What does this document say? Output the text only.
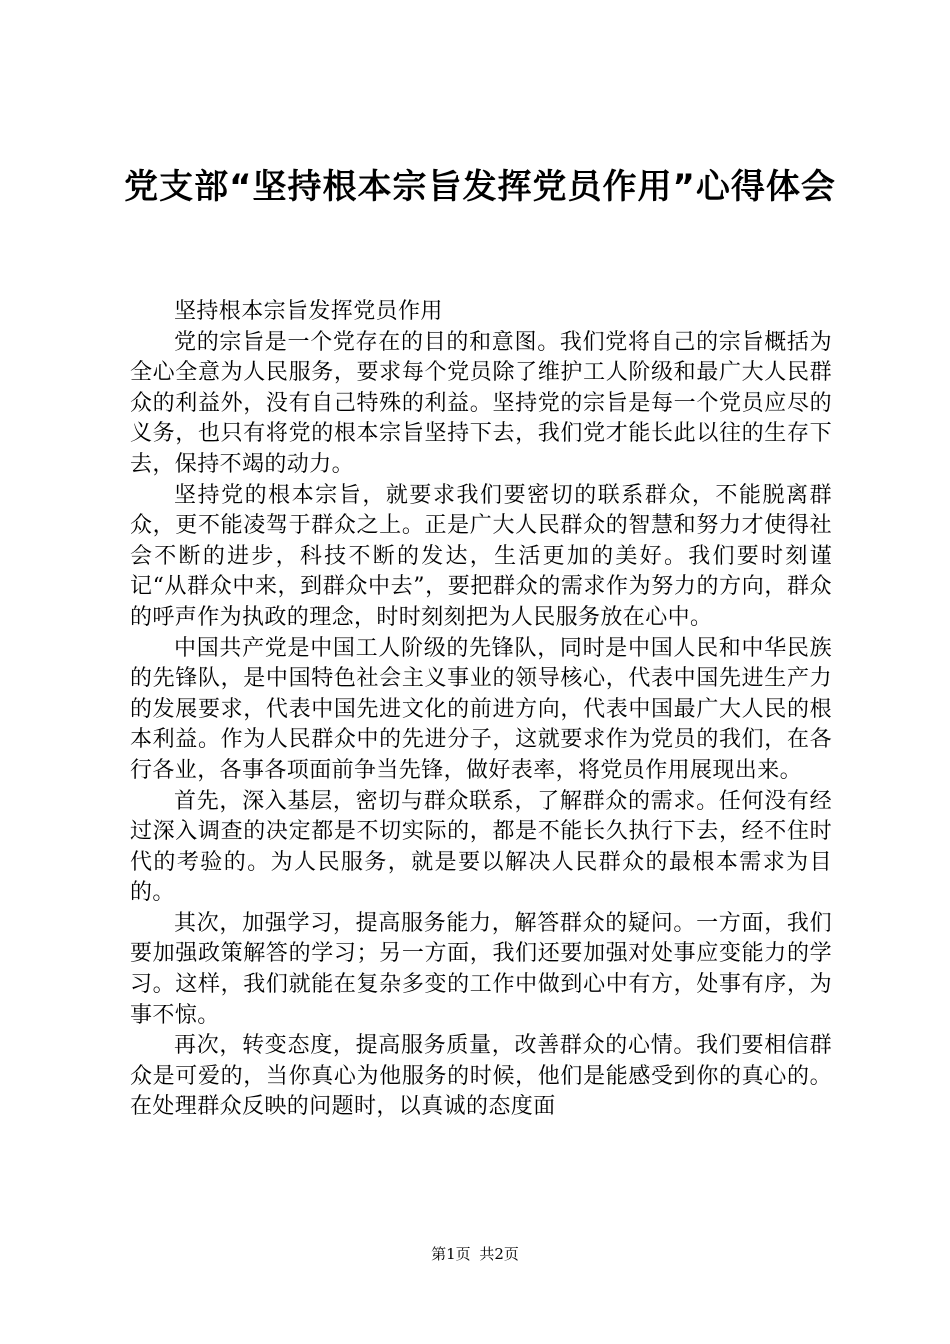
党支部“坚持根本宗旨发挥党员作用”心得体会

坚持根本宗旨发挥党员作用

党的宗旨是一个党存在的目的和意图。我们党将自己的宗旨概括为全心全意为人民服务，要求每个党员除了维护工人阶级和最广大人民群众的利益外，没有自己特殊的利益。坚持党的宗旨是每一个党员应尽的义务，也只有将党的根本宗旨坚持下去，我们党才能长此以往的生存下去，保持不竭的动力。

坚持党的根本宗旨，就要求我们要密切的联系群众，不能脱离群众，更不能凌驾于群众之上。正是广大人民群众的智慧和努力才使得社会不断的进步，科技不断的发达，生活更加的美好。我们要时刻谨记“从群众中来，到群众中去”，要把群众的需求作为努力的方向，群众的呼声作为执政的理念，时时刻刻把为人民服务放在心中。

中国共产党是中国工人阶级的先锋队，同时是中国人民和中华民族的先锋队，是中国特色社会主义事业的领导核心，代表中国先进生产力的发展要求，代表中国先进文化的前进方向，代表中国最广大人民的根本利益。作为人民群众中的先进分子，这就要求作为党员的我们，在各行各业，各事各项面前争当先锋，做好表率，将党员作用展现出来。

首先，深入基层，密切与群众联系，了解群众的需求。任何没有经过深入调查的决定都是不切实际的，都是不能长久执行下去，经不住时代的考验的。为人民服务，就是要以解决人民群众的最根本需求为目的。

其次，加强学习，提高服务能力，解答群众的疑问。一方面，我们要加强政策解答的学习；另一方面，我们还要加强对处事应变能力的学习。这样，我们就能在复杂多变的工作中做到心中有方，处事有序，为事不惊。

再次，转变态度，提高服务质量，改善群众的心情。我们要相信群众是可爱的，当你真心为他服务的时候，他们是能感受到你的真心的。在处理群众反映的问题时，以真诚的态度面

第1页 共2页
